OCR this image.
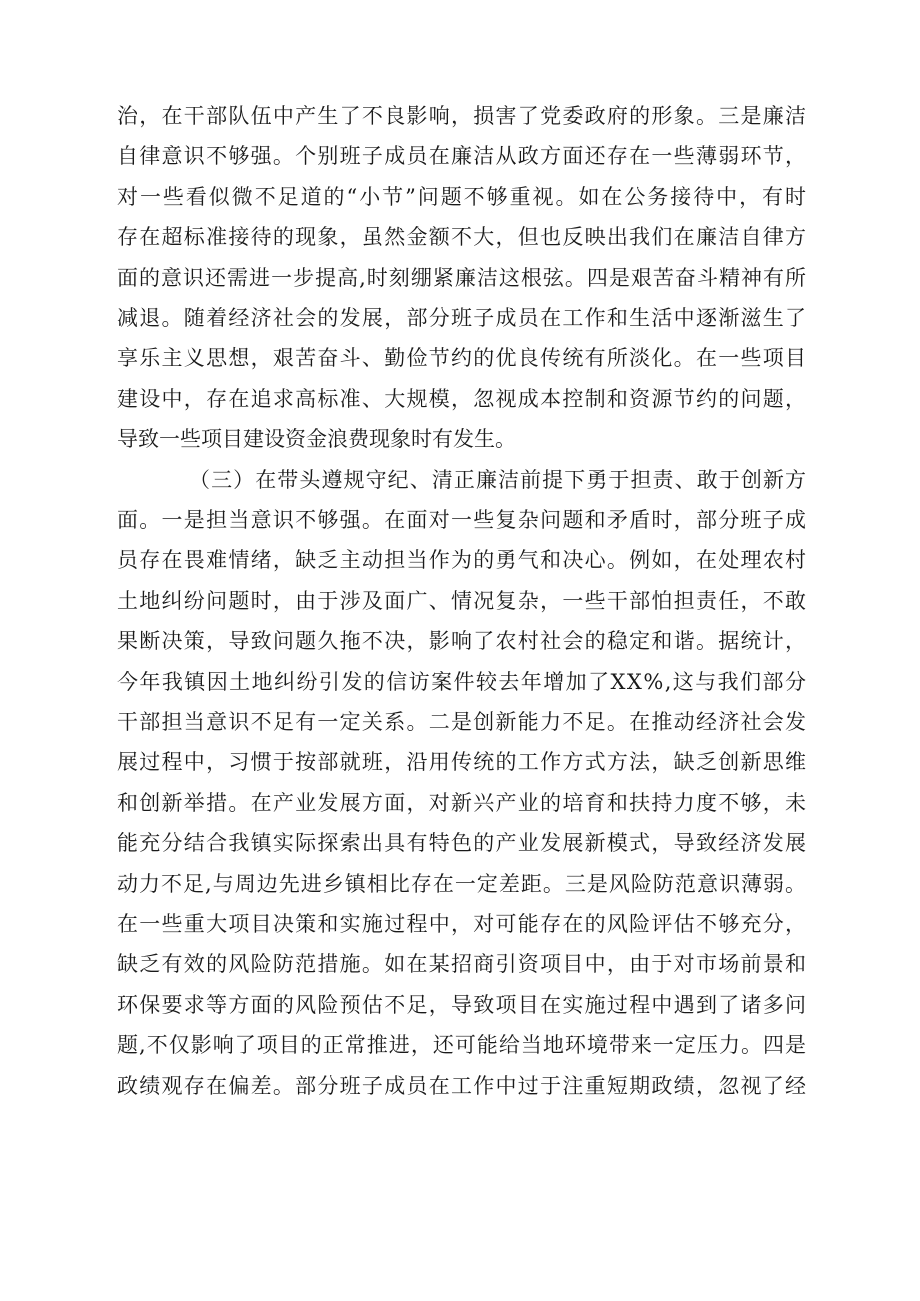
治，在干部队伍中产生了不良影响，损害了党委政府的形象。三是廉洁
自律意识不够强。个别班子成员在廉洁从政方面还存在一些薄弱环节，
对一些看似微不足道的“小节”问题不够重视。如在公务接待中，有时
存在超标准接待的现象，虽然金额不大，但也反映出我们在廉洁自律方
面的意识还需进一步提高,时刻绷紧廉洁这根弦。四是艰苦奋斗精神有所
减退。随着经济社会的发展，部分班子成员在工作和生活中逐渐滋生了
享乐主义思想，艰苦奋斗、勤俭节约的优良传统有所淡化。在一些项目
建设中，存在追求高标准、大规模，忽视成本控制和资源节约的问题，
导致一些项目建设资金浪费现象时有发生。
（三）在带头遵规守纪、清正廉洁前提下勇于担责、敢于创新方
面。一是担当意识不够强。在面对一些复杂问题和矛盾时，部分班子成
员存在畏难情绪，缺乏主动担当作为的勇气和决心。例如，在处理农村
土地纠纷问题时，由于涉及面广、情况复杂，一些干部怕担责任，不敢
果断决策，导致问题久拖不决，影响了农村社会的稳定和谐。据统计，
今年我镇因土地纠纷引发的信访案件较去年增加了XX%,这与我们部分
干部担当意识不足有一定关系。二是创新能力不足。在推动经济社会发
展过程中，习惯于按部就班，沿用传统的工作方式方法，缺乏创新思维
和创新举措。在产业发展方面，对新兴产业的培育和扶持力度不够，未
能充分结合我镇实际探索出具有特色的产业发展新模式，导致经济发展
动力不足,与周边先进乡镇相比存在一定差距。三是风险防范意识薄弱。
在一些重大项目决策和实施过程中，对可能存在的风险评估不够充分，
缺乏有效的风险防范措施。如在某招商引资项目中，由于对市场前景和
环保要求等方面的风险预估不足，导致项目在实施过程中遇到了诸多问
题,不仅影响了项目的正常推进，还可能给当地环境带来一定压力。四是
政绩观存在偏差。部分班子成员在工作中过于注重短期政绩，忽视了经
